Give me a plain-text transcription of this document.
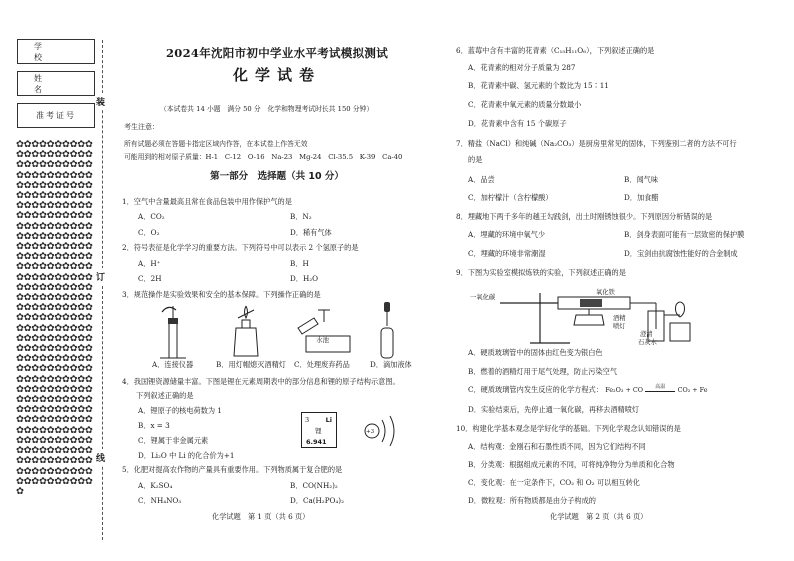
学 校
姓 名
准考证号
✿✿✿✿✿✿✿✿✿✿✿✿✿✿✿✿✿✿✿✿✿✿✿✿✿✿✿✿✿✿✿✿✿✿✿✿✿✿✿✿✿✿✿✿✿✿✿✿✿✿✿✿✿✿✿✿✿✿✿✿✿✿✿✿✿✿✿✿✿✿✿✿✿✿✿✿✿✿✿✿✿✿✿✿✿✿✿✿✿✿✿✿✿✿✿✿✿✿✿✿✿✿✿✿✿✿✿✿✿✿✿✿✿✿✿✿✿✿✿✿✿✿✿✿✿✿✿✿✿✿✿✿✿✿✿✿✿✿✿✿✿✿✿✿✿✿✿✿✿✿✿✿✿✿✿✿✿✿✿✿✿✿✿✿✿✿✿✿✿✿✿✿✿✿✿✿✿✿✿✿✿✿✿✿✿✿✿✿✿✿✿✿✿✿✿✿✿✿✿✿✿✿✿✿✿✿✿✿✿✿✿✿✿✿✿✿✿✿✿✿✿✿✿✿✿✿✿✿✿✿✿✿✿✿✿✿✿✿✿✿✿✿✿✿✿✿✿✿✿✿✿✿✿✿✿✿✿✿✿✿✿✿✿✿✿✿✿✿✿✿✿✿✿✿✿✿✿✿✿✿✿✿✿✿✿✿✿✿✿✿✿✿✿✿✿✿✿✿✿✿✿✿✿✿✿✿✿✿✿✿✿✿✿✿✿✿✿✿✿✿✿✿✿✿✿✿✿✿✿✿✿✿✿✿✿✿✿✿✿✿✿
装
订
线
2024年沈阳市初中学业水平考试模拟测试
化学试卷
（本试卷共 14 小题　满分 50 分　化学和物理考试时长共 150 分钟）
考生注意：
所有试题必须在答题卡指定区域内作答，在本试卷上作答无效
可能用到的相对原子质量：H-1　C-12　O-16　Na-23　Mg-24　Cl-35.5　K-39　Ca-40
第一部分　选择题（共 10 分）
1．空气中含量最高且常在食品包装中用作保护气的是
A．CO₂	B．N₂
C．O₂	D．稀有气体
2．符号表征是化学学习的重要方法。下列符号中可以表示 2 个氢原子的是
A．H⁺	B．H
C．2H	D．H₂O
3．规范操作是实验效果和安全的基本保障。下列操作正确的是
水池
A．连接仪器	B．用灯帽熄灭酒精灯 C．处理废弃药品	D．滴加液体
4．我国锂资源储量丰富。下图是锂在元素周期表中的部分信息和锂的原子结构示意图。
下列叙述正确的是
A．锂原子的核电荷数为 1
B．x = 3
C．锂属于非金属元素
D．Li₂O 中 Li 的化合价为+1
3	Li
锂
6.941
+3
5．化肥对提高农作物的产量具有重要作用。下列物质属于复合肥的是
A．K₂SO₄	B．CO(NH₂)₂
C．NH₄NO₃	D．Ca(H₂PO₄)₂
化学试题　第 1 页（共 6 页）
6．蓝莓中含有丰富的花青素（C₁₅H₁₁O₆），下列叙述正确的是
A．花青素的相对分子质量为 287
B．花青素中碳、氢元素的个数比为 15∶11
C．花青素中氧元素的质量分数最小
D．花青素中含有 15 个碳原子
7．精盐（NaCl）和纯碱（Na₂CO₃）是厨房里常见的固体，下列鉴别二者的方法不可行
的是
A．品尝	B．闻气味
C．加柠檬汁（含柠檬酸）	D．加食醋
8．埋藏地下两千多年的越王勾践剑，出土时刚锈蚀很少。下列原因分析错误的是
A．埋藏的环境中氧气少	B．剑身表面可能有一层致密的保护膜
C．埋藏的环境非常潮湿	D．宝剑由抗腐蚀性能好的合金制成
9．下图为实验室模拟炼铁的实验，下列叙述正确的是
一氧化碳
氧化铁
酒精
喷灯
澄清
石灰水
A．硬质玻璃管中的固体由红色变为银白色
B．燃着的酒精灯用于尾气处理，防止污染空气
C．硬质玻璃管内发生反应的化学方程式： Fe₂O₃ + CO	高温	CO₂ + Fe
D．实验结束后，先停止通一氧化碳，再移去酒精喷灯
10．构建化学基本观念是学好化学的基础。下列化学观念认知错误的是
A．结构观：金刚石和石墨性质不同，因为它们结构不同
B．分类观：根据组成元素的不同，可将纯净物分为单质和化合物
C．变化观：在一定条件下，CO₂ 和 O₂ 可以相互转化
D．微粒观：所有物质都是由分子构成的
化学试题　第 2 页（共 6 页）
